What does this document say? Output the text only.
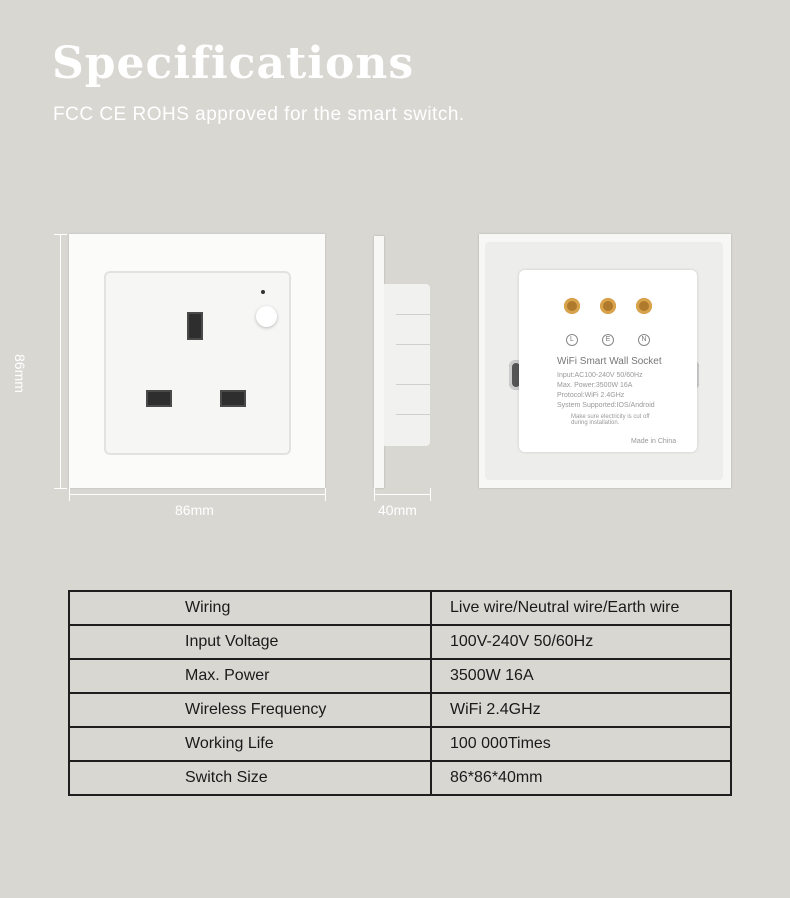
Specifications
FCC CE ROHS approved for the smart switch.
86mm
86mm	40mm
L	E	N
WiFi Smart Wall Socket
Input:AC100-240V 50/60Hz
Max. Power:3500W 16A
Protocol:WiFi 2.4GHz
System Supported:IOS/Android
Make sure electricity is cut off during installation.
Made in China
Wiring	Live wire/Neutral wire/Earth wire
Input Voltage	100V-240V 50/60Hz
Max. Power	3500W 16A
Wireless Frequency	WiFi 2.4GHz
Working Life	100 000Times
Switch Size	86*86*40mm
